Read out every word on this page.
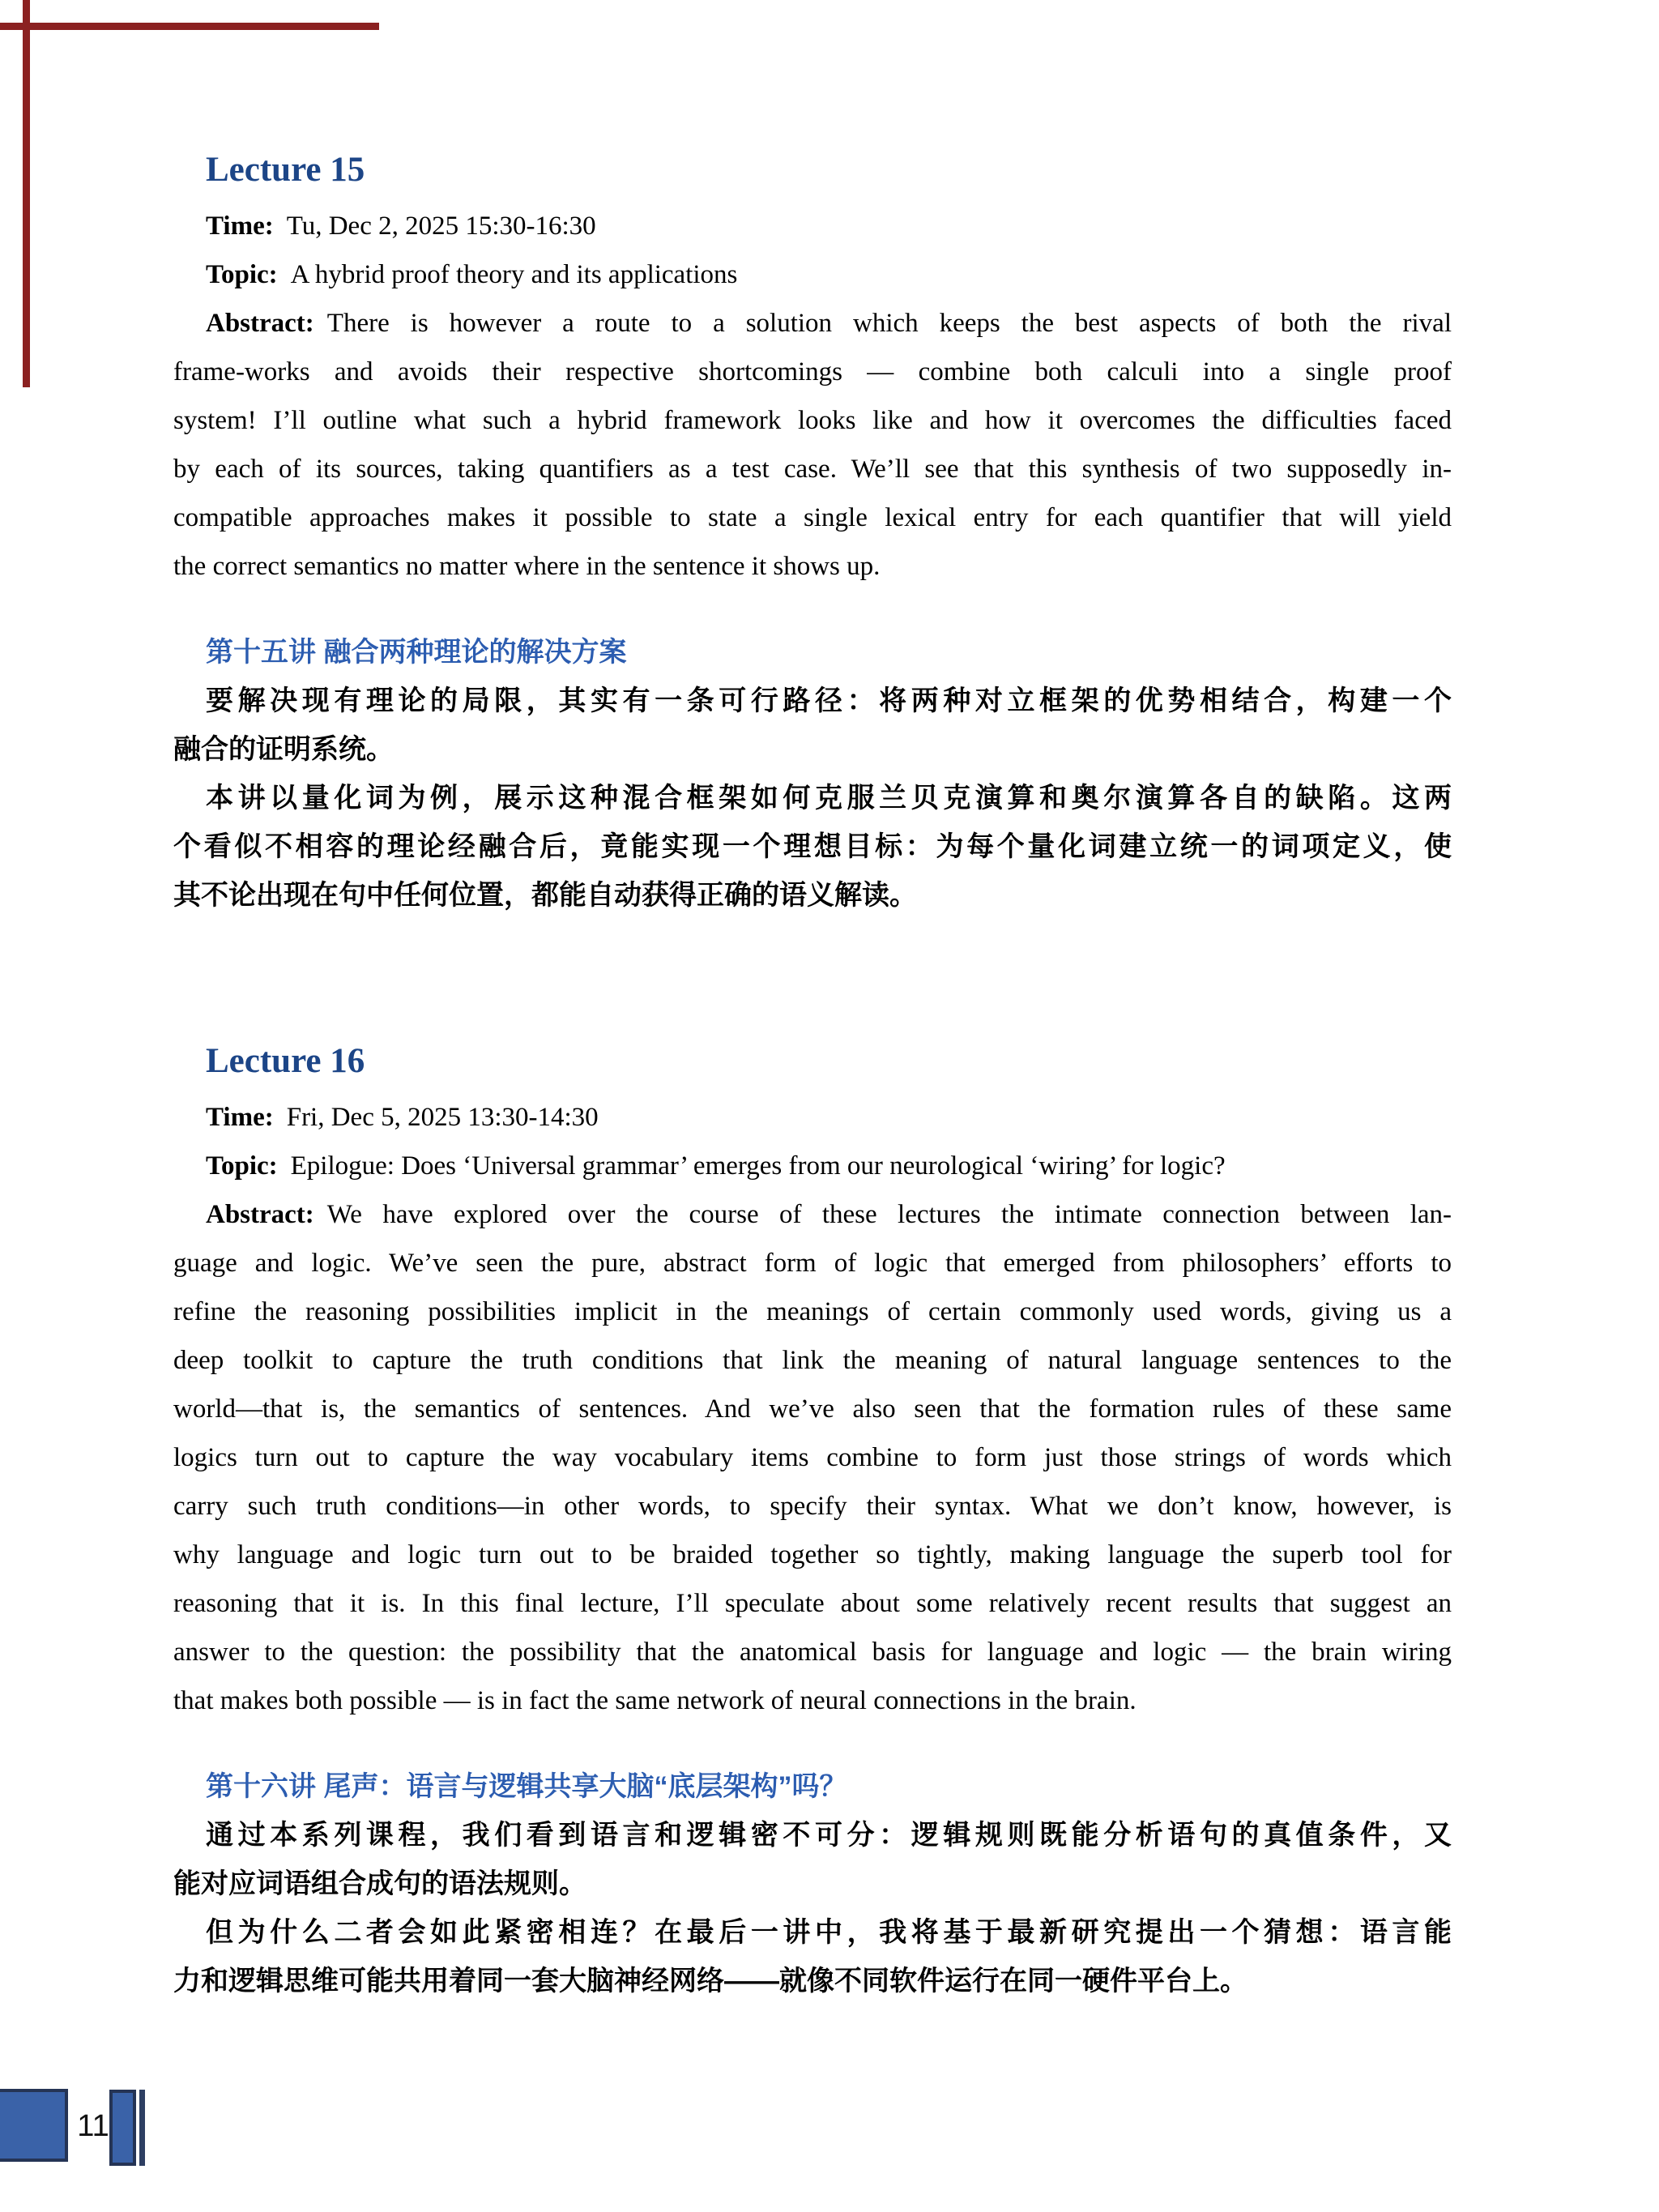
Lecture 15
Time: Tu, Dec 2, 2025 15:30-16:30
Topic: A hybrid proof theory and its applications
Abstract: There is however a route to a solution which keeps the best aspects of both the rival
frame-works and avoids their respective shortcomings — combine both calculi into a single proof
system! I’ll outline what such a hybrid framework looks like and how it overcomes the difficulties faced
by each of its sources, taking quantifiers as a test case. We’ll see that this synthesis of two supposedly in-
compatible approaches makes it possible to state a single lexical entry for each quantifier that will yield
the correct semantics no matter where in the sentence it shows up.
第十五讲 融合两种理论的解决方案
要解决现有理论的局限，其实有一条可行路径：将两种对立框架的优势相结合，构建一个
融合的证明系统。
本讲以量化词为例，展示这种混合框架如何克服兰贝克演算和奥尔演算各自的缺陷。这两
个看似不相容的理论经融合后，竟能实现一个理想目标：为每个量化词建立统一的词项定义，使
其不论出现在句中任何位置，都能自动获得正确的语义解读。
Lecture 16
Time: Fri, Dec 5, 2025 13:30-14:30
Topic: Epilogue: Does ‘Universal grammar’ emerges from our neurological ‘wiring’ for logic?
Abstract: We have explored over the course of these lectures the intimate connection between lan-
guage and logic. We’ve seen the pure, abstract form of logic that emerged from philosophers’ efforts to
refine the reasoning possibilities implicit in the meanings of certain commonly used words, giving us a
deep toolkit to capture the truth conditions that link the meaning of natural language sentences to the
world—that is, the semantics of sentences. And we’ve also seen that the formation rules of these same
logics turn out to capture the way vocabulary items combine to form just those strings of words which
carry such truth conditions—in other words, to specify their syntax. What we don’t know, however, is
why language and logic turn out to be braided together so tightly, making language the superb tool for
reasoning that it is. In this final lecture, I’ll speculate about some relatively recent results that suggest an
answer to the question: the possibility that the anatomical basis for language and logic — the brain wiring
that makes both possible — is in fact the same network of neural connections in the brain.
第十六讲 尾声：语言与逻辑共享大脑“底层架构”吗？
通过本系列课程，我们看到语言和逻辑密不可分：逻辑规则既能分析语句的真值条件，又
能对应词语组合成句的语法规则。
但为什么二者会如此紧密相连？在最后一讲中，我将基于最新研究提出一个猜想：语言能
力和逻辑思维可能共用着同一套大脑神经网络——就像不同软件运行在同一硬件平台上。
11
